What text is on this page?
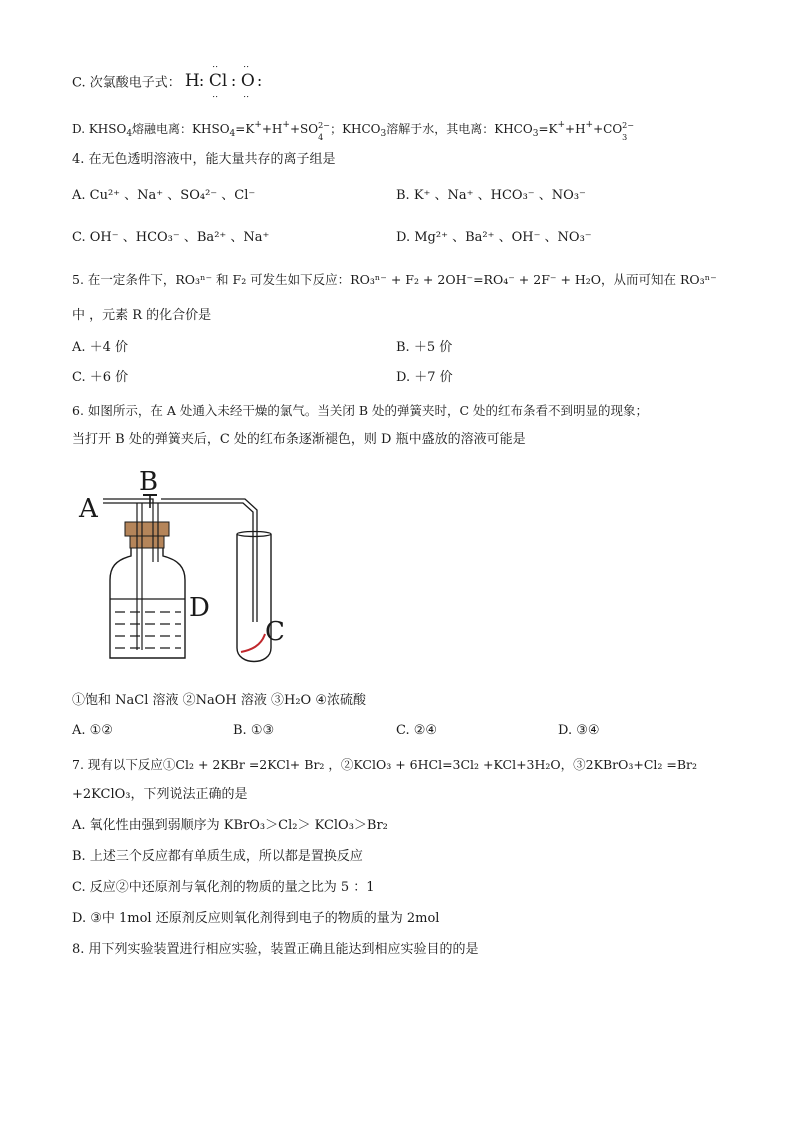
C. 次氯酸电子式： H : Cl
:
:
: O
:
:
:
D. $KHSO_4$熔融电离：$KHSO_4=K^++H^++SO$ 2−
4
；$KHCO_3$溶解于水，其电离：$KHCO_3=K^++H^++CO$ 2−
3
4. 在无色透明溶液中，能大量共存的离子组是
A. Cu²⁺ 、Na⁺ 、SO₄²⁻ 、Cl⁻	B. K⁺ 、Na⁺ 、HCO₃⁻ 、NO₃⁻
C. OH⁻ 、HCO₃⁻ 、Ba²⁺ 、Na⁺	D. Mg²⁺ 、Ba²⁺ 、OH⁻ 、NO₃⁻
5. 在一定条件下，RO₃ⁿ⁻ 和 F₂ 可发生如下反应：RO₃ⁿ⁻ + F₂ + 2OH⁻=RO₄⁻ + 2F⁻ + H₂O，从而可知在 RO₃ⁿ⁻
中 ，元素 R 的化合价是
A. ＋4 价	B. ＋5 价
C. ＋6 价	D. ＋7 价
6. 如图所示，在 A 处通入未经干燥的氯气。当关闭 B 处的弹簧夹时，C 处的红布条看不到明显的现象；
当打开 B 处的弹簧夹后，C 处的红布条逐渐褪色，则 D 瓶中盛放的溶液可能是
A
B
D
C
①饱和 NaCl 溶液 ②NaOH 溶液 ③H₂O ④浓硫酸
A. ①②	B. ①③	C. ②④	D. ③④
7. 现有以下反应①Cl₂ + 2KBr =2KCl+ Br₂ ，②KClO₃ + 6HCl=3Cl₂ +KCl+3H₂O，③2KBrO₃+Cl₂ =Br₂
+2KClO₃，下列说法正确的是
A. 氧化性由强到弱顺序为 KBrO₃＞Cl₂＞ KClO₃＞Br₂
B. 上述三个反应都有单质生成，所以都是置换反应
C. 反应②中还原剂与氧化剂的物质的量之比为 5 ：1
D. ③中 1mol 还原剂反应则氧化剂得到电子的物质的量为 2mol
8. 用下列实验装置进行相应实验，装置正确且能达到相应实验目的的是
